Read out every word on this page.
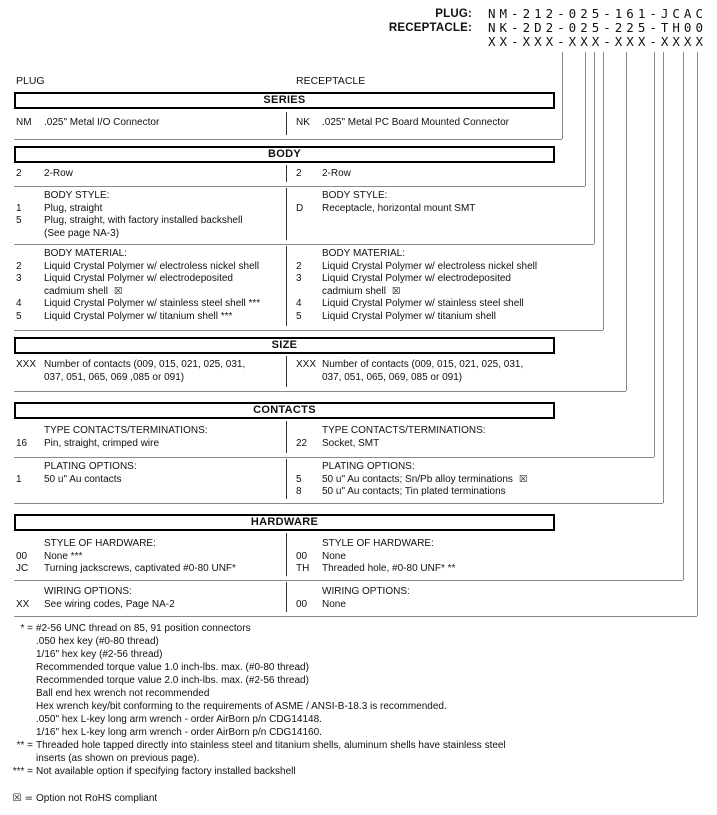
PLUG:	NM-212-025-161-JCAC
RECEPTACLE:	NK-2D2-025-225-TH00
XX-XXX-XXX-XXX-XXXX
PLUG	RECEPTACLE
SERIES
NM	.025" Metal I/O Connector	NK	.025" Metal PC Board Mounted Connector
BODY
2	2-Row	2	2-Row
BODY STYLE:
1	Plug, straight
5	Plug, straight, with factory installed backshell
(See page NA-3)
BODY STYLE:
D	Receptacle, horizontal mount SMT
BODY MATERIAL:
2	Liquid Crystal Polymer w/ electroless nickel shell
3	Liquid Crystal Polymer w/ electrodeposited
cadmium shell ☒
4	Liquid Crystal Polymer w/ stainless steel shell ***
5	Liquid Crystal Polymer w/ titanium shell ***
BODY MATERIAL:
2	Liquid Crystal Polymer w/ electroless nickel shell
3	Liquid Crystal Polymer w/ electrodeposited
cadmium shell ☒
4	Liquid Crystal Polymer w/ stainless steel shell
5	Liquid Crystal Polymer w/ titanium shell
SIZE
XXX Number of contacts (009, 015, 021, 025, 031,
037, 051, 065, 069 ,085 or 091)
XXX Number of contacts (009, 015, 021, 025, 031,
037, 051, 065, 069, 085 or 091)
CONTACTS
TYPE CONTACTS/TERMINATIONS:
16	Pin, straight, crimped wire
TYPE CONTACTS/TERMINATIONS:
22	Socket, SMT
PLATING OPTIONS:
1	50 u" Au contacts
PLATING OPTIONS:
5	50 u" Au contacts; Sn/Pb alloy terminations ☒
8	50 u" Au contacts; Tin plated terminations
HARDWARE
STYLE OF HARDWARE:
00	None ***
JC	Turning jackscrews, captivated #0-80 UNF*
STYLE OF HARDWARE:
00	None
TH	Threaded hole, #0-80 UNF* **
WIRING OPTIONS:
XX	See wiring codes, Page NA-2
WIRING OPTIONS:
00	None
* = #2-56 UNC thread on 85, 91 position connectors
.050 hex key (#0-80 thread)
1/16" hex key (#2-56 thread)
Recommended torque value 1.0 inch-lbs. max. (#0-80 thread)
Recommended torque value 2.0 inch-lbs. max. (#2-56 thread)
Ball end hex wrench not recommended
Hex wrench key/bit conforming to the requirements of ASME / ANSI-B-18.3 is recommended.
.050" hex L-key long arm wrench - order AirBorn p/n CDG14148.
1/16" hex L-key long arm wrench - order AirBorn p/n CDG14160.
** = Threaded hole tapped directly into stainless steel and titanium shells, aluminum shells have stainless steel
inserts (as shown on previous page).
*** = Not available option if specifying factory installed backshell
☒ = Option not RoHS compliant
